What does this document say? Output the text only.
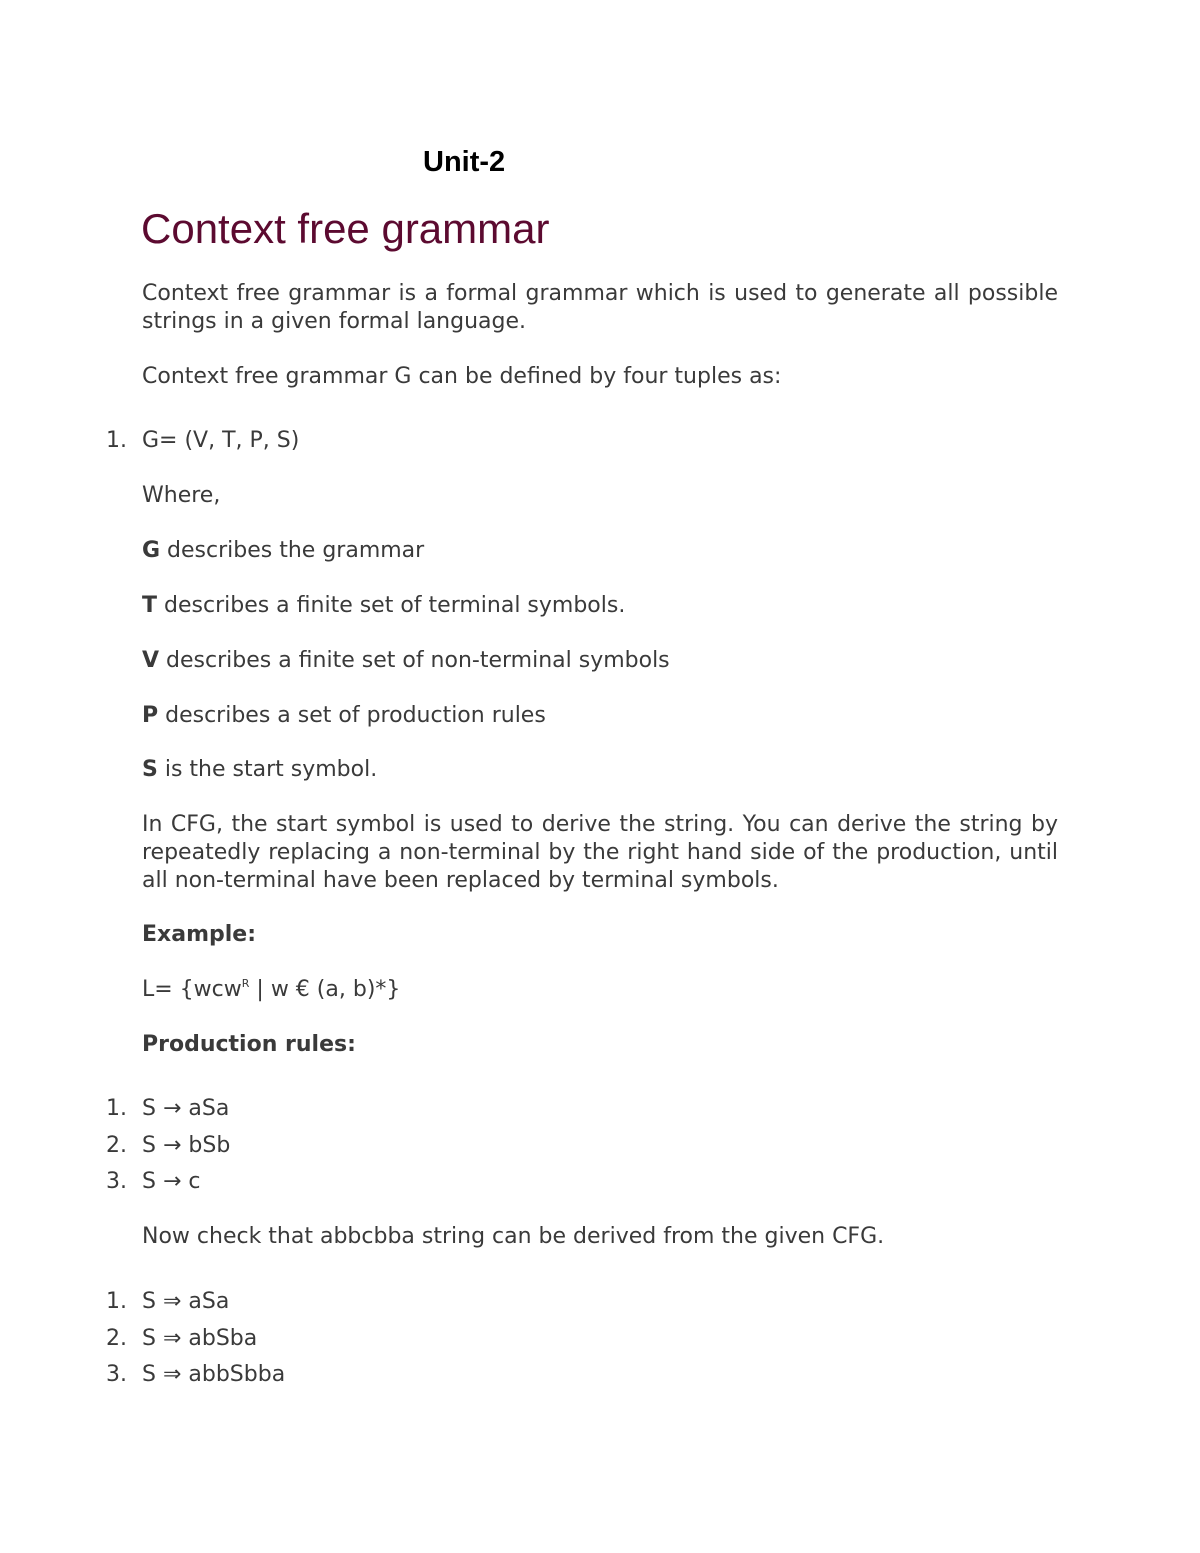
Unit-2
Context free grammar
Context free grammar is a formal grammar which is used to generate all possible strings in a given formal language.
Context free grammar G can be defined by four tuples as:
1. G= (V, T, P, S)
Where,
G describes the grammar
T describes a finite set of terminal symbols.
V describes a finite set of non-terminal symbols
P describes a set of production rules
S is the start symbol.
In CFG, the start symbol is used to derive the string. You can derive the string by repeatedly replacing a non-terminal by the right hand side of the production, until all non-terminal have been replaced by terminal symbols.
Example:
L= {wcw$^R$ | w € (a, b)*}
Production rules:
1. S → aSa
2. S → bSb
3. S → c
Now check that abbcbba string can be derived from the given CFG.
1. S ⇒ aSa
2. S ⇒ abSba
3. S ⇒ abbSbba
